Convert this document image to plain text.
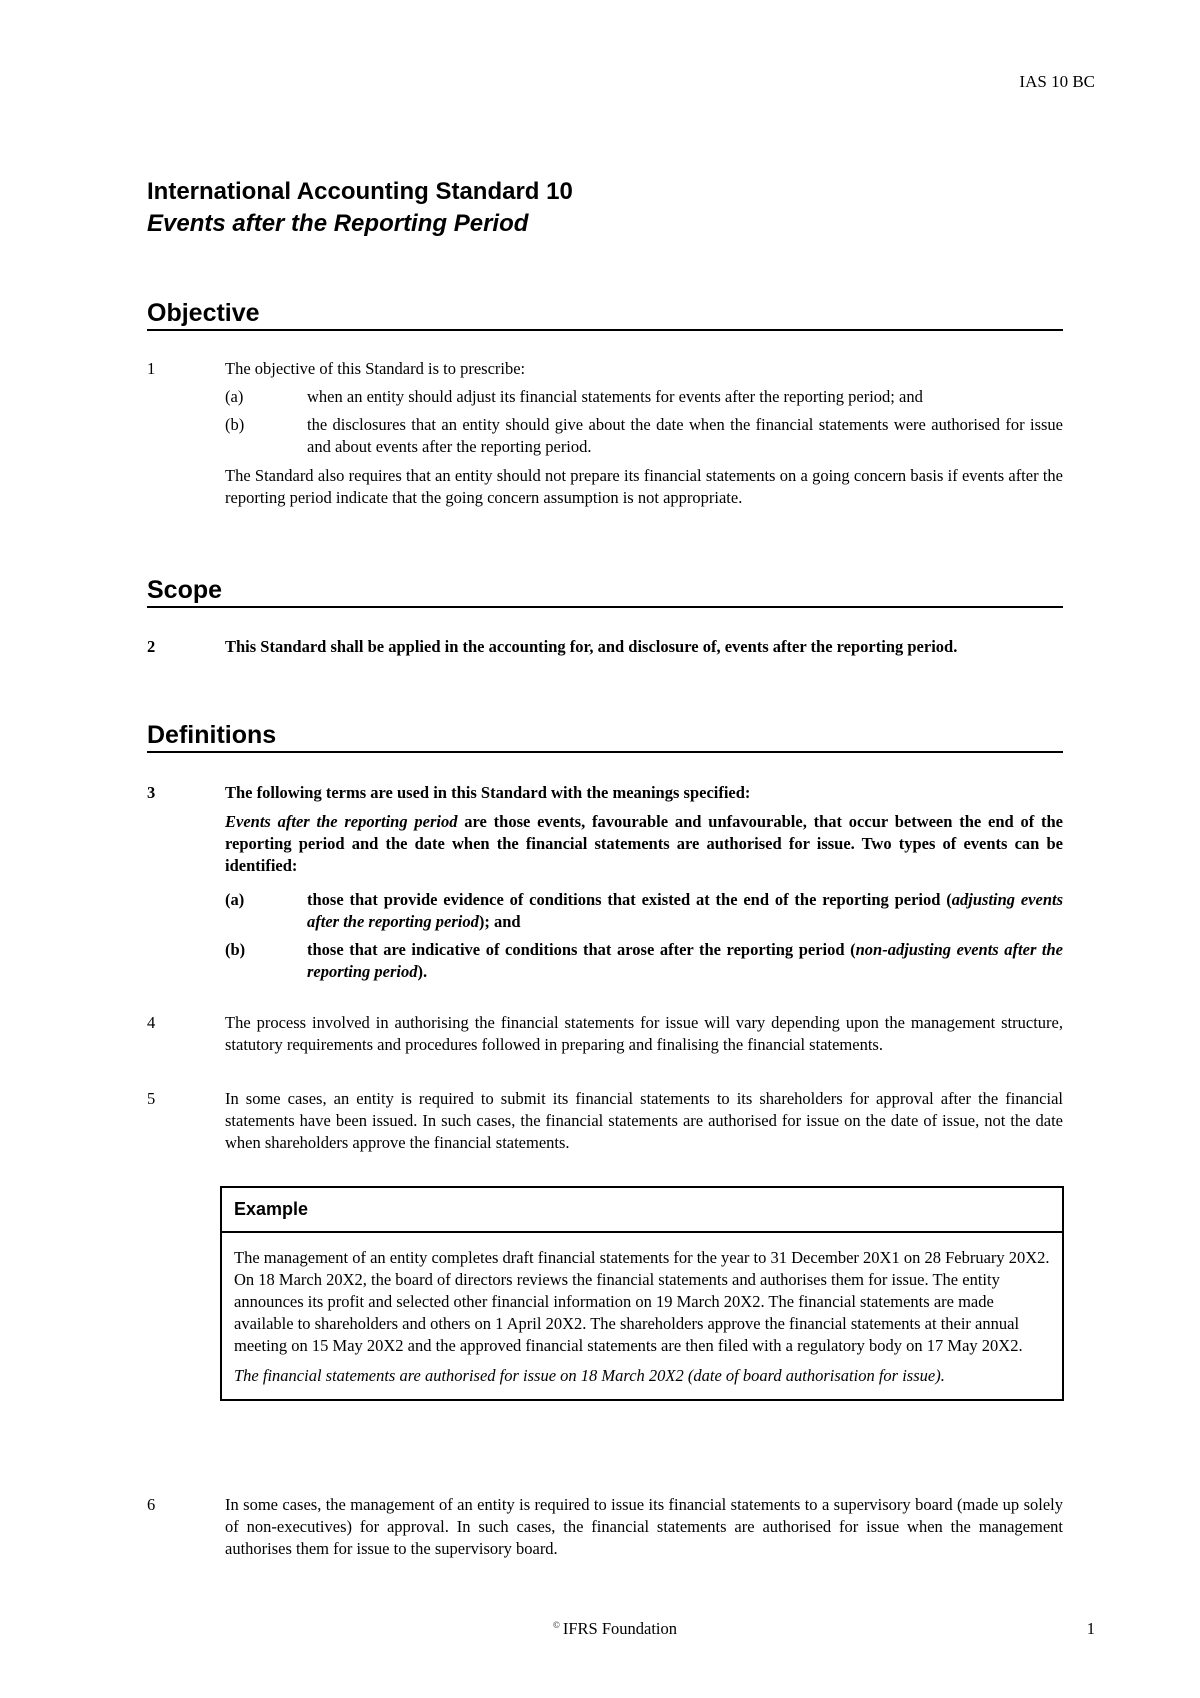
IAS 10 BC
International Accounting Standard 10
Events after the Reporting Period
Objective
1	The objective of this Standard is to prescribe:
(a)	when an entity should adjust its financial statements for events after the reporting period; and
(b)	the disclosures that an entity should give about the date when the financial statements were authorised for issue and about events after the reporting period.
The Standard also requires that an entity should not prepare its financial statements on a going concern basis if events after the reporting period indicate that the going concern assumption is not appropriate.
Scope
2	This Standard shall be applied in the accounting for, and disclosure of, events after the reporting period.
Definitions
3	The following terms are used in this Standard with the meanings specified:
Events after the reporting period are those events, favourable and unfavourable, that occur between the end of the reporting period and the date when the financial statements are authorised for issue. Two types of events can be identified:
(a)	those that provide evidence of conditions that existed at the end of the reporting period (adjusting events after the reporting period); and
(b)	those that are indicative of conditions that arose after the reporting period (non-adjusting events after the reporting period).
4	The process involved in authorising the financial statements for issue will vary depending upon the management structure, statutory requirements and procedures followed in preparing and finalising the financial statements.
5	In some cases, an entity is required to submit its financial statements to its shareholders for approval after the financial statements have been issued. In such cases, the financial statements are authorised for issue on the date of issue, not the date when shareholders approve the financial statements.
Example

The management of an entity completes draft financial statements for the year to 31 December 20X1 on 28 February 20X2. On 18 March 20X2, the board of directors reviews the financial statements and authorises them for issue. The entity announces its profit and selected other financial information on 19 March 20X2. The financial statements are made available to shareholders and others on 1 April 20X2. The shareholders approve the financial statements at their annual meeting on 15 May 20X2 and the approved financial statements are then filed with a regulatory body on 17 May 20X2.

The financial statements are authorised for issue on 18 March 20X2 (date of board authorisation for issue).

6	In some cases, the management of an entity is required to issue its financial statements to a supervisory board (made up solely of non-executives) for approval. In such cases, the financial statements are authorised for issue when the management authorises them for issue to the supervisory board.
© IFRS Foundation	1
